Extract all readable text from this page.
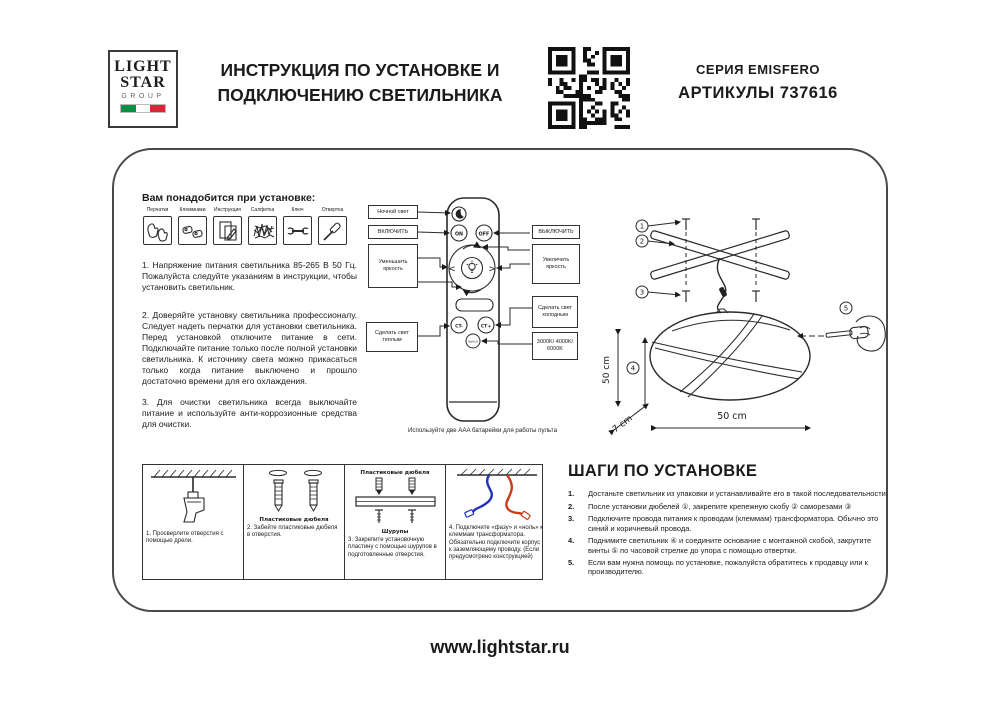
LIGHT
STAR
GROUP
ИНСТРУКЦИЯ ПО УСТАНОВКЕ И
ПОДКЛЮЧЕНИЮ СВЕТИЛЬНИКА
СЕРИЯ EMISFERO
АРТИКУЛЫ 737616
Вам понадобится при установке:
Перчатки Клеммники Инструкция Салфетка	Ключ	Отвертка
1. Напряжение питания светильника 85-265 В 50 Гц. Пожалуйста следуйте указаниям в инструкции, чтобы установить светильник.
2. Доверяйте установку светильника профессионалу. Следует надеть перчатки для установки светильника. Перед установкой отключите питание в сети. Подключайте питание только после полной установки светильника. К источнику света можно прикасаться только когда питание выключено и прошло достаточно времени для его охлаждения.
3. Для очистки светильника всегда выключайте питание и используйте анти-коррозионные средства для очистки.
ON	OFF
<	>
CT-	CT+
Switch
Ночной свет
ВКЛЮЧИТЬ
Уменьшить яркость
Сделать свет теплым
ВЫКЛЮЧИТЬ
Увеличить яркость
Сделать свет холодным
3000K/ 4000K/ 6000K
Используйте две AAA батарейки для работы пульта
1
2
3
5
50 cm	4
7 cm	50 cm
1. Просверлите отверстия с помощью дрели.
Пластиковые дюбеля
2. Забейте пластиковые дюбеля в отверстия.
Пластиковые дюбеля
Шурупы
3. Закрепите установочную пластину с помощью шурупов в подготовленные отверстия.
4. Подключите «фазу» и «ноль» к клеммам трансформатора. Обязательно подключите корпус к заземляющему проводу. (Если предусмотрено конструкцией)
ШАГИ ПО УСТАНОВКЕ
1.	Достаньте светильник из упаковки и устанавливайте его в такой последовательности:
2.	После установки дюбелей ①, закрепите крепежную скобу ② саморезами ③
3.	Подключите провода питания к проводам (клеммам) трансформатора. Обычно это синий и коричневый провода.
4.	Поднимите светильник ④ и соедините основание с монтажной скобой, закрутите винты ⑤ по часовой стрелке до упора с помощью отвертки.
5.	Если вам нужна помощь по установке, пожалуйста обратитесь к продавцу или к производителю.
www.lightstar.ru
